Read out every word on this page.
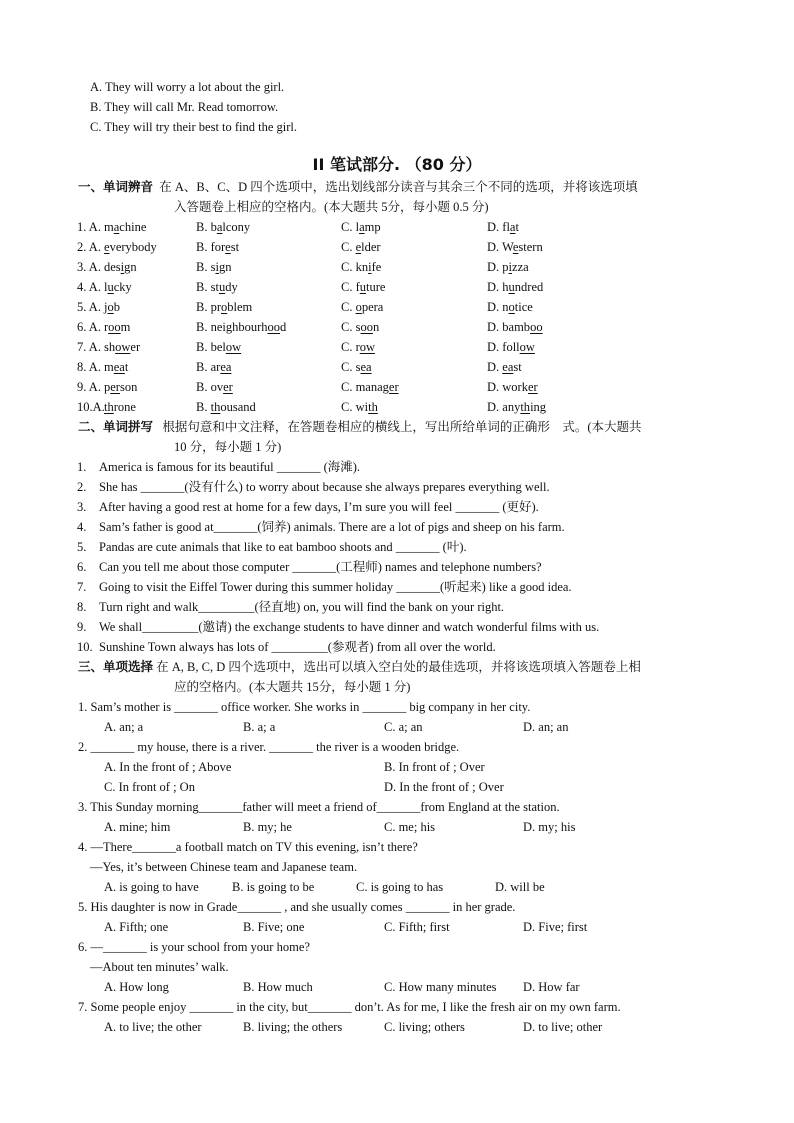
A. They will worry a lot about the girl.
B. They will call Mr. Read tomorrow.
C. They will try their best to find the girl.
II 笔试部分. （80 分）
一、单词辨音 在 A、B、C、D 四个选项中，选出划线部分读音与其余三个不同的选项，并将该选项填
入答题卷上相应的空格内。(本大题共 5分，每小题 0.5 分)
1. A. machine	B. balcony	C. lamp	D. flat
2. A. everybody	B. forest	C. elder	D. Western
3. A. design	B. sign	C. knife	D. pizza
4. A. lucky	B. study	C. future	D. hundred
5. A. job	B. problem	C. opera	D. notice
6. A. room	B. neighbourhood	C. soon	D. bamboo
7. A. shower	B. below	C. row	D. follow
8. A. meat	B. area	C. sea	D. east
9. A. person	B. over	C. manager	D. worker
10.A. throne	B. thousand	C. with	D. anything
二、单词拼写 根据句意和中文注释，在答题卷相应的横线上，写出所给单词的正确形　式。(本大题共
10 分，每小题 1 分)
1. America is famous for its beautiful _______ (海滩).
2. She has _______(没有什么) to worry about because she always prepares everything well.
3. After having a good rest at home for a few days, I’m sure you will feel _______ (更好).
4. Sam’s father is good at_______(饲养) animals. There are a lot of pigs and sheep on his farm.
5. Pandas are cute animals that like to eat bamboo shoots and _______ (叶).
6. Can you tell me about those computer _______(工程师) names and telephone numbers?
7. Going to visit the Eiffel Tower during this summer holiday _______(听起来) like a good idea.
8. Turn right and walk_________(径直地) on, you will find the bank on your right.
9. We shall_________(邀请) the exchange students to have dinner and watch wonderful films with us.
10. Sunshine Town always has lots of _________(参观者) from all over the world.
三、单项选择 在 A, B, C, D 四个选项中，选出可以填入空白处的最佳选项，并将该选项填入答题卷上相
应的空格内。(本大题共 15分，每小题 1 分)
1. Sam’s mother is _______ office worker. She works in _______ big company in her city.
A. an; a	B. a; a	C. a; an	D. an; an
2. _______ my house, there is a river. _______ the river is a wooden bridge.
A. In the front of ; Above	B. In front of ; Over
C. In front of ; On	D. In the front of ; Over
3. This Sunday morning_______father will meet a friend of_______from England at the station.
A. mine; him	B. my; he	C. me; his	D. my; his
4. —There_______a football match on TV this evening, isn’t there?
—Yes, it’s between Chinese team and Japanese team.
A. is going to have	B. is going to be	C. is going to has	D. will be
5. His daughter is now in Grade_______ , and she usually comes _______ in her grade.
A. Fifth; one	B. Five; one	C. Fifth; first	D. Five; first
6. —_______ is your school from your home?
—About ten minutes’ walk.
A. How long	B. How much	C. How many minutes D. How far
7. Some people enjoy _______ in the city, but_______ don’t. As for me, I like the fresh air on my own farm.
A. to live; the other	B. living; the others	C. living; others	D. to live; other
